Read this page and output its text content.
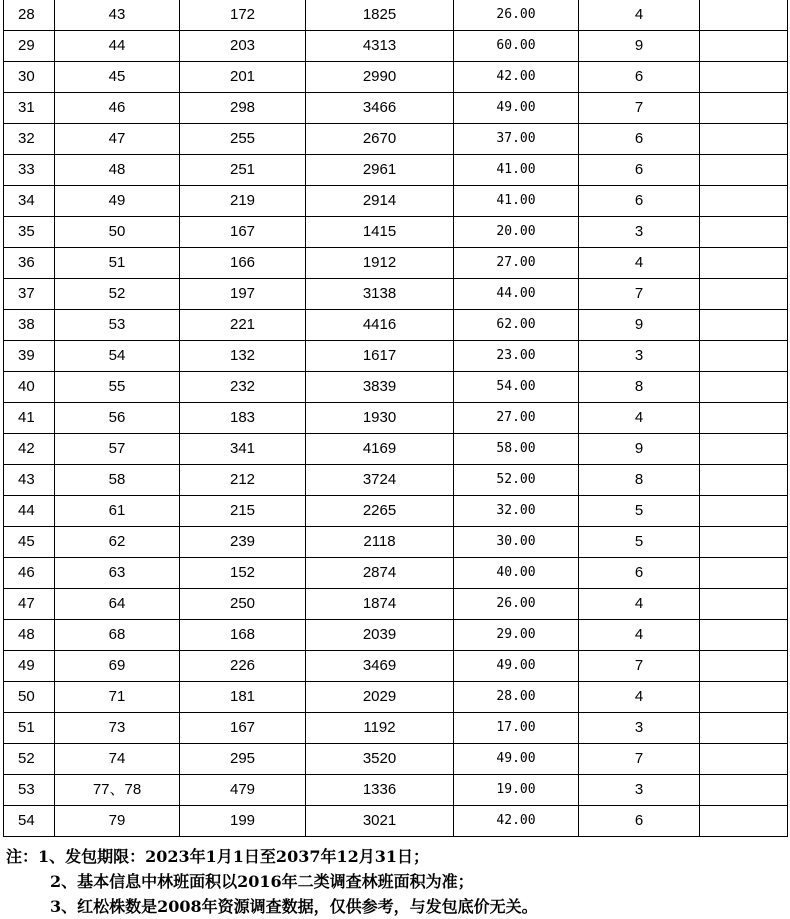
28	43	172	1825	26.00	4	
29	44	203	4313	60.00	9	
30	45	201	2990	42.00	6	
31	46	298	3466	49.00	7	
32	47	255	2670	37.00	6	
33	48	251	2961	41.00	6	
34	49	219	2914	41.00	6	
35	50	167	1415	20.00	3	
36	51	166	1912	27.00	4	
37	52	197	3138	44.00	7	
38	53	221	4416	62.00	9	
39	54	132	1617	23.00	3	
40	55	232	3839	54.00	8	
41	56	183	1930	27.00	4	
42	57	341	4169	58.00	9	
43	58	212	3724	52.00	8	
44	61	215	2265	32.00	5	
45	62	239	2118	30.00	5	
46	63	152	2874	40.00	6	
47	64	250	1874	26.00	4	
48	68	168	2039	29.00	4	
49	69	226	3469	49.00	7	
50	71	181	2029	28.00	4	
51	73	167	1192	17.00	3	
52	74	295	3520	49.00	7	
53	77、78	479	1336	19.00	3	
54	79	199	3021	42.00	6	
注：1、发包期限：2023年1月1日至2037年12月31日；
2、基本信息中林班面积以2016年二类调查林班面积为准；
3、红松株数是2008年资源调查数据，仅供参考，与发包底价无关。
